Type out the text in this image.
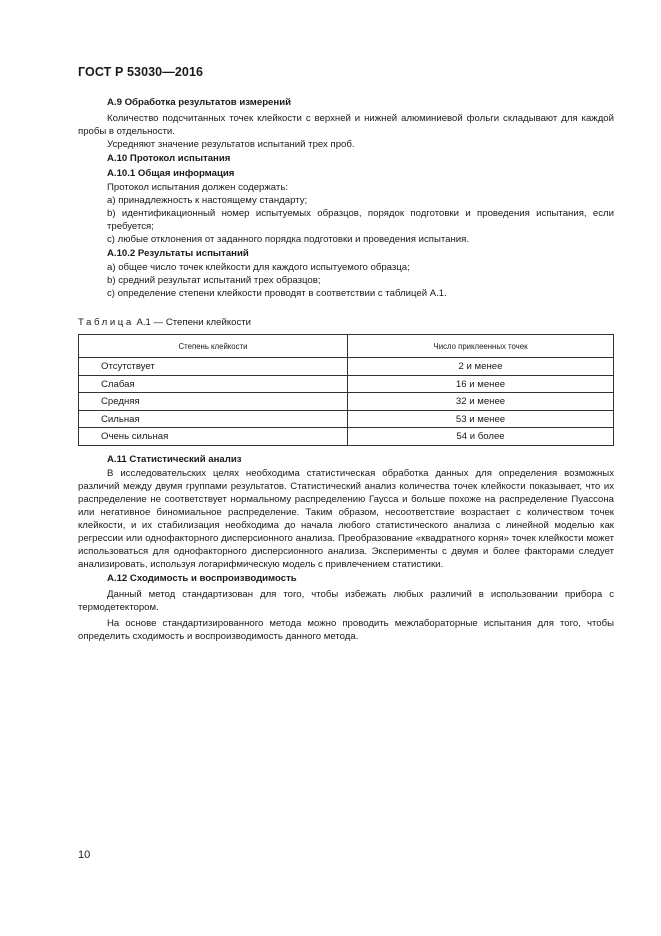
ГОСТ Р 53030—2016
А.9 Обработка результатов измерений

Количество подсчитанных точек клейкости с верхней и нижней алюминиевой фольги складывают для каждой пробы в отдельности.

Усредняют значение результатов испытаний трех проб.

А.10 Протокол испытания
А.10.1 Общая информация

Протокол испытания должен содержать:

а) принадлежность к настоящему стандарту;

b) идентификационный номер испытуемых образцов, порядок подготовки и проведения испытания, если требуется;

c) любые отклонения от заданного порядка подготовки и проведения испытания.

А.10.2 Результаты испытаний

а) общее число точек клейкости для каждого испытуемого образца;

b) средний результат испытаний трех образцов;

c) определение степени клейкости проводят в соответствии с таблицей А.1.

Таблица А.1 — Степени клейкости

Степень клейкости	Число приклеенных точек
Отсутствует	2 и менее
Слабая	16 и менее
Средняя	32 и менее
Сильная	53 и менее
Очень сильная	54 и более
А.11 Статистический анализ

В исследовательских целях необходима статистическая обработка данных для определения возможных различий между двумя группами результатов. Статистический анализ количества точек клейкости показывает, что их распределение не соответствует нормальному распределению Гаусса и больше похоже на распределение Пуассона или негативное биномиальное распределение. Таким образом, несоответствие возрастает с количеством точек клейкости, и их стабилизация необходима до начала любого статистического анализа с линейной моделью как регрессии или однофакторного дисперсионного анализа. Преобразование «квадратного корня» точек клейкости может использоваться для однофакторного дисперсионного анализа. Эксперименты с двумя и более факторами следует анализировать, используя логарифмическую модель с привлечением статистики.

А.12 Сходимость и воспроизводимость

Данный метод стандартизован для того, чтобы избежать любых различий в использовании прибора с термодетектором.

На основе стандартизированного метода можно проводить межлабораторные испытания для того, чтобы определить сходимость и воспроизводимость данного метода.

10
